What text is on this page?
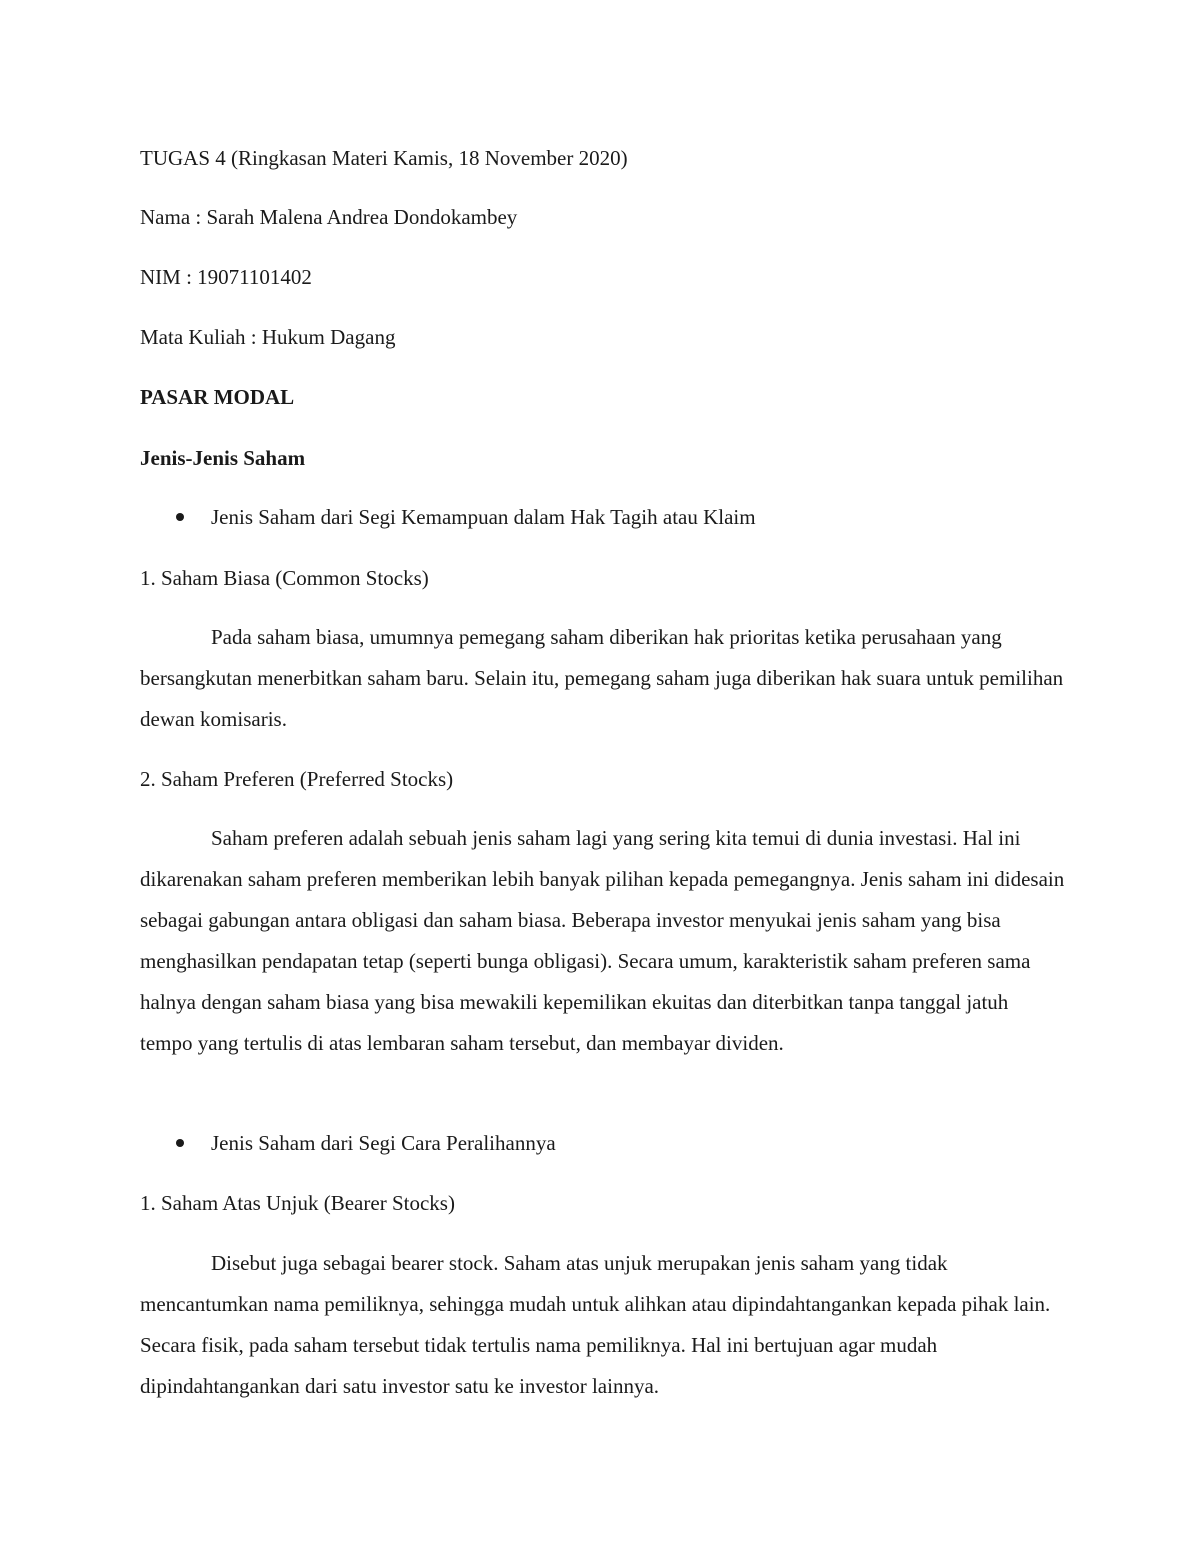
TUGAS 4 (Ringkasan Materi Kamis, 18 November 2020)
Nama : Sarah Malena Andrea Dondokambey
NIM : 19071101402
Mata Kuliah : Hukum Dagang
PASAR MODAL
Jenis-Jenis Saham
Jenis Saham dari Segi Kemampuan dalam Hak Tagih atau Klaim
1. Saham Biasa (Common Stocks)
Pada saham biasa, umumnya pemegang saham diberikan hak prioritas ketika perusahaan yang bersangkutan menerbitkan saham baru. Selain itu, pemegang saham juga diberikan hak suara untuk pemilihan dewan komisaris.
2. Saham Preferen (Preferred Stocks)
Saham preferen adalah sebuah jenis saham lagi yang sering kita temui di dunia investasi. Hal ini dikarenakan saham preferen memberikan lebih banyak pilihan kepada pemegangnya. Jenis saham ini didesain sebagai gabungan antara obligasi dan saham biasa. Beberapa investor menyukai jenis saham yang bisa menghasilkan pendapatan tetap (seperti bunga obligasi). Secara umum, karakteristik saham preferen sama halnya dengan saham biasa yang bisa mewakili kepemilikan ekuitas dan diterbitkan tanpa tanggal jatuh tempo yang tertulis di atas lembaran saham tersebut, dan membayar dividen.
Jenis Saham dari Segi Cara Peralihannya
1. Saham Atas Unjuk (Bearer Stocks)
Disebut juga sebagai bearer stock. Saham atas unjuk merupakan jenis saham yang tidak mencantumkan nama pemiliknya, sehingga mudah untuk alihkan atau dipindahtangankan kepada pihak lain. Secara fisik, pada saham tersebut tidak tertulis nama pemiliknya. Hal ini bertujuan agar mudah dipindahtangankan dari satu investor satu ke investor lainnya.
